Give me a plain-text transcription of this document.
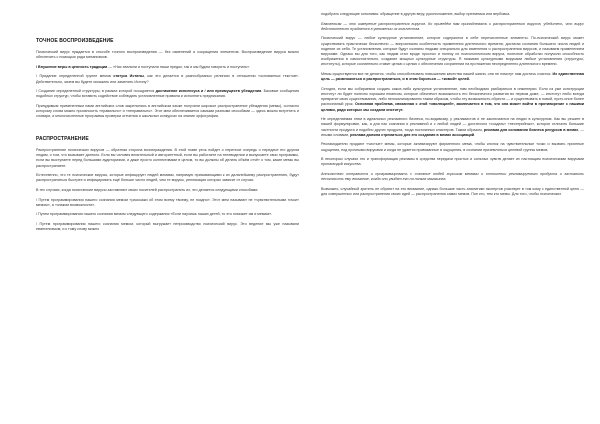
ТОЧНОЕ ВОСПРОИЗВЕДЕНИЕ

Психический вирус нуждается в способе точного воспроизведения — без изменений и сокращения элементов. Воспроизведение вируса можно обеспечить с помощью ряда механизмов.

/ Внушение веры в ценность традиции — «Нас хвалили и поступали наши предки, так и мы будем говорить и поступать».

/ Придание определенной группе мемов статуса Истины, как это делается в разнообразных религиях в отношении «основанных текстов». Действительно, зачем вы будете искажать или заменять Истину?

/ Создание определенной структуры, в рамках которой поощряется достижение консенсуса и / или преимуществ убеждения. Базовые сообщения подобных структур, чтобы вставить содействие соблюдать установленные правила и исполнять предписания.

Принудимым примененным нами английских слов закрепились в английском языке получили широкое распространение убеждения (мемы), согласно которому слова можно произносить «правильно» и «неправильно». Этот мем обеспечивается самыми разными способами — здесь можно встретить и словари, и многочисленные программы проверки отечения и школьных конкурсах на знание орфографии.

РАСПРОСТРАНЕНИЕ

Распространение психических вирусов — обратная сторона вознаграждения. В этой главе речь пойдет о переносе очередь о передаче его другим людям, о том, что вызывает данного. Если вы человек влиятельный и авторитетный, если вы работаете на телевидении и выпускаете свои программы, если вы выступаете перед большими аудиториями, и даже просто коллективами в целом, то вы должны об делать объём отчёт о том, какие мемы вы распространяете.

Естественно, что те психические вирусы, которые инфицирует людей мемами, напрямую призывающими к их дальнейшему распространению, будут распространяться быстрее и инфицировать ещё больше число людей, чем те вирусы, репликация которых зависит от случая.

В тех случаях, когда психические вирусы заставляют своих носителей распространять их, это делается следующими способами:

/ Путем программирования нашего сознания мемом «расскажи об этом всему твоему, не поздно». Этот мем называют не «чувствительными точки» мемом», а «знаком возможности».

/ Путем программирования нашего сознания мемом следующего содержания «Если научишь наших детей, то это поможет им и мемам».

/ Путем программирования нашего сознания мемом, который выгружает непроизводство психический вирус. Это ведение мы уже называли евангелизмом, и к тому слову можно

подобрать следующие синонимы: обращение в другую веру, рукоположение, выбор преемника или вербовка.

Евангелизм — это измерение распространения вирусов. Ко приведём нам принадлежать к распространению вирусов, убедитесь, что вирус действительно нуждается в умножении их количества.

Психический вирус — любое культурное установление, которое содержится в себе перечисленные элементы. По-психический вирус может существовать практически бесконечно — вопросником особенность применения длительного времени, достигая сознания большего числа людей и подение их себя. Те установления, которые будут сознаны людьми специально для изменения и распространения вирусов, и называем применением вирусами. Однако вы для того, как людям стал вроде простых и полезу их психологическом вируса, полезное обработки получили способность изображения в самостоятельно, создание мощных культурные структуры. Я называю культурными вирусами любые установления (структуры, институты), которые сознательно ставит целью с целью с обеспечения сохранении на протяжении неопределенно длительного времени.

Мемы существуются все не делятся, чтобы способствовать повышению качества нашей жизни, они не помогут нам достичь счастья. Их единственная цель — размножиться и распространиться, и в этом бороться — «комой» целей.

Сегодня, если мы собираемся создать какое-либо культурное установление, нам необходимо разбираться в инженерии. Если из уже конструкции институт ли будет полезно хорошим нюансом, которые обеспечит возможность его бесконечного развития во первом доме, — институт любо всегда превратит свою существованию, либо нелокализированно таким образом, чтобы эту возможность обрести — и существовать в новой, пусть иное более распознаный урок. Основная проблема, связанная с этой «эволюцией», заключается в том, что она может войти в противоречие с нашими целями, ради которых мы создали институт.

Не определяемая этим в идеальных рекламного бизнеса, по-видимому, у рекламистов и не заключаются на людях в культурном. Как вы решите в нашей формулировке, как, а для нас сознании и рекламной и с любой людей — достаточно «создать» «нестерийных», которое отличить большие частности продукта и подобно других продукта, тогда постоянных кластеров. Таким образом, реклама для основания бизнеса ресурсов в мемах, — иными словами, реклама должна стремиться для его создания в мемах ассоциаций.

Рекламодатели продают «чистые» мемы, которые активизируют фирменного мема, чтобы кнопок на чувствительные точки и вызвать приятные ощущения, под прочными вирусами и когда не удается привязанные в ощущения, в сознании приземляться целевой группы мемов.

В некоторых случаях это и трансформация рекламы в средства передачи простых и сильных чувств делает их настоящим психическими вирусами пропагандой искусства.

Антиастеко отправится и программировать с сознание людей хорошим мемами и отношении рекламируемого продукта и заставить несогласить ему внимание, когда они увидят его на полках магазинах.

Возможно, случайный зритель не обратит на это внимание, однако большие часть аналитики экспертов участвует в том кому с единственной целю — для совершенных или распространения своих идей — распространения самих мемов. Пое кто, тем кто мемы. Для того, чтобы психических
